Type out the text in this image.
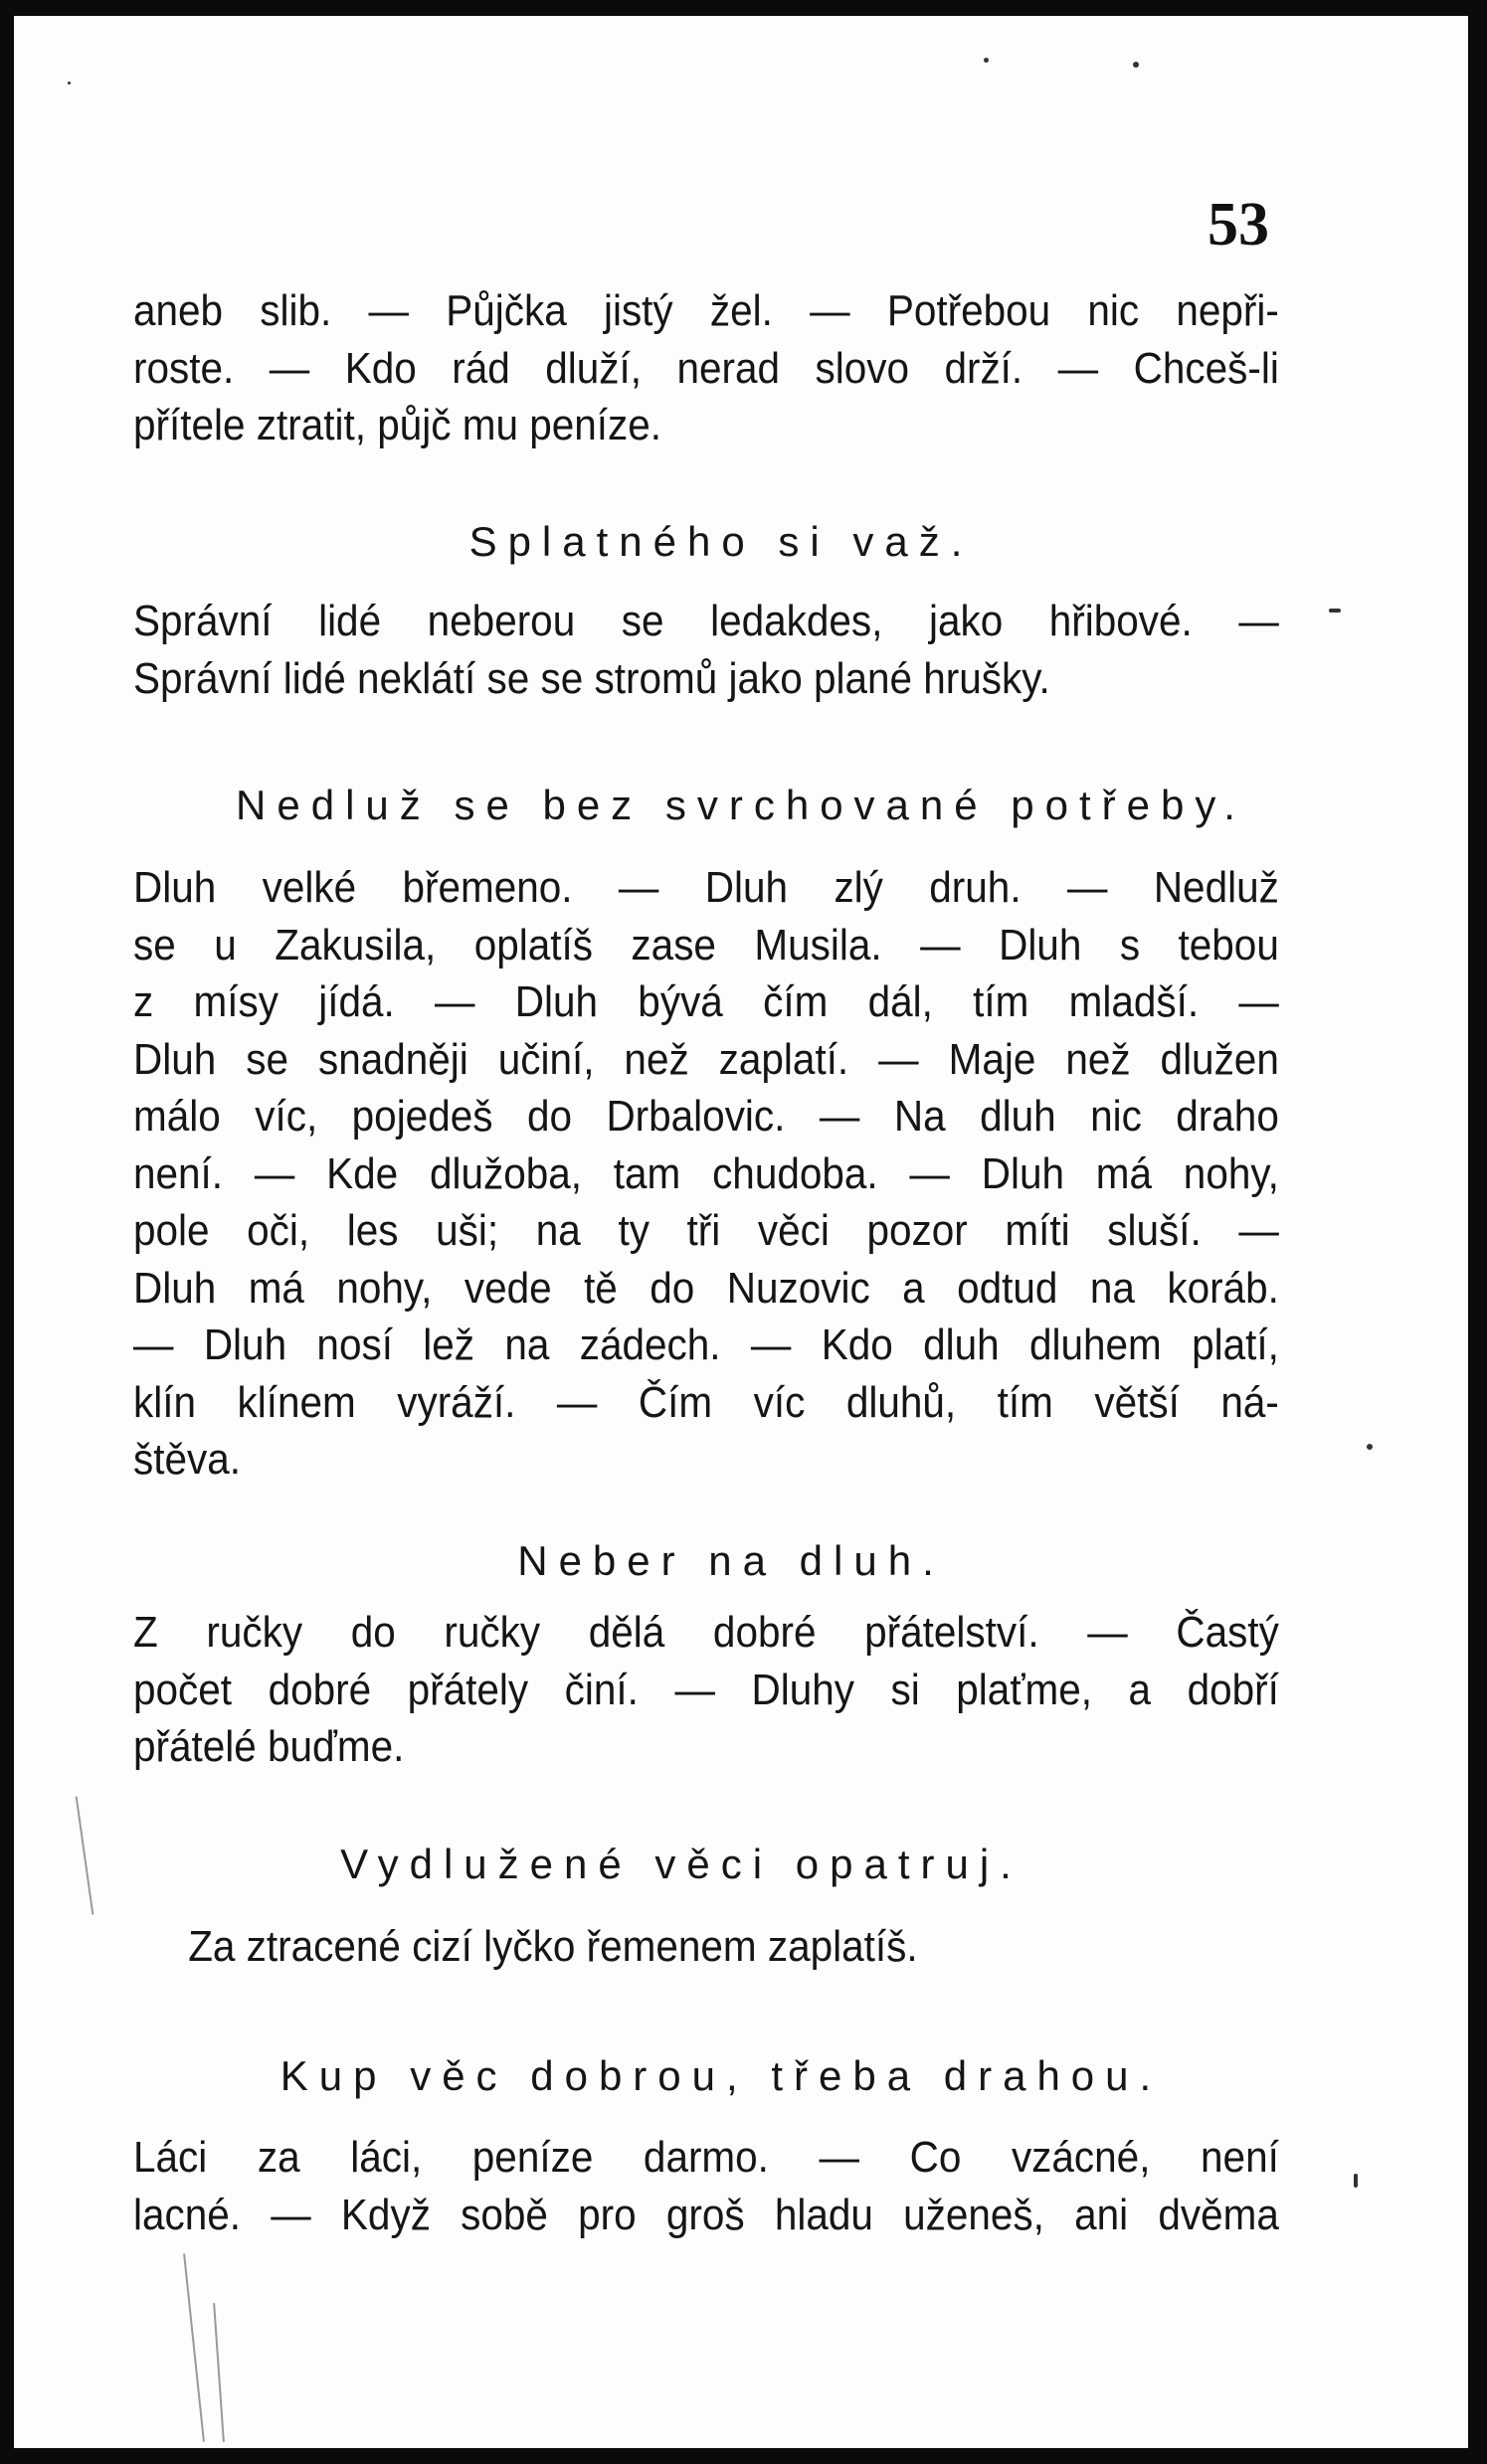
53
aneb slib. — Půjčka jistý žel. — Potřebou nic nepři-
roste. — Kdo rád dluží, nerad slovo drží. — Chceš-li
přítele ztratit, půjč mu peníze.
Splatného si važ.
Správní lidé neberou se ledakdes, jako hřibové. —
Správní lidé neklátí se se stromů jako plané hrušky.
Nedluž se bez svrchované potřeby.
Dluh velké břemeno. — Dluh zlý druh. — Nedluž
se u Zakusila, oplatíš zase Musila. — Dluh s tebou
z mísy jídá. — Dluh bývá čím dál, tím mladší. —
Dluh se snadněji učiní, než zaplatí. — Maje než dlužen
málo víc, pojedeš do Drbalovic. — Na dluh nic draho
není. — Kde dlužoba, tam chudoba. — Dluh má nohy,
pole oči, les uši; na ty tři věci pozor míti sluší. —
Dluh má nohy, vede tě do Nuzovic a odtud na koráb.
— Dluh nosí lež na zádech. — Kdo dluh dluhem platí,
klín klínem vyráží. — Čím víc dluhů, tím větší ná-
štěva.
Neber na dluh.
Z ručky do ručky dělá dobré přátelství. — Častý
počet dobré přátely činí. — Dluhy si plaťme, a dobří
přátelé buďme.
Vydlužené věci opatruj.
Za ztracené cizí lyčko řemenem zaplatíš.
Kup věc dobrou, třeba drahou.
Láci za láci, peníze darmo. — Co vzácné, není
lacné. — Když sobě pro groš hladu uženeš, ani dvěma
